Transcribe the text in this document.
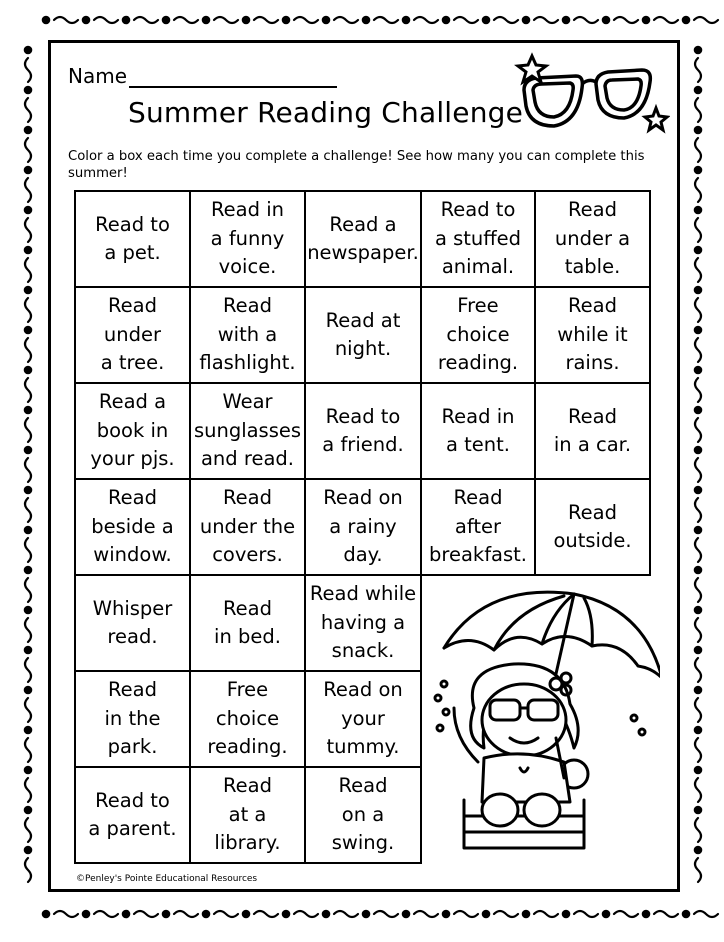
Name
Summer Reading Challenge
Color a box each time you complete a challenge! See how many you can complete this summer!
Read to
a pet.
Read in
a funny
voice.
Read a
newspaper.
Read to
a stuffed
animal.
Read
under a
table.
Read
under
a tree.
Read
with a
flashlight.
Read at
night.
Free
choice
reading.
Read
while it
rains.
Read a
book in
your pjs.
Wear
sunglasses
and read.
Read to
a friend.
Read in
a tent.
Read
in a car.
Read
beside a
window.
Read
under the
covers.
Read on
a rainy
day.
Read
after
breakfast.
Read
outside.
Whisper
read.
Read
in bed.
Read while
having a
snack.
Read
in the
park.
Free
choice
reading.
Read on
your
tummy.
Read to
a parent.
Read
at a
library.
Read
on a
swing.
©Penley's Pointe Educational Resources
